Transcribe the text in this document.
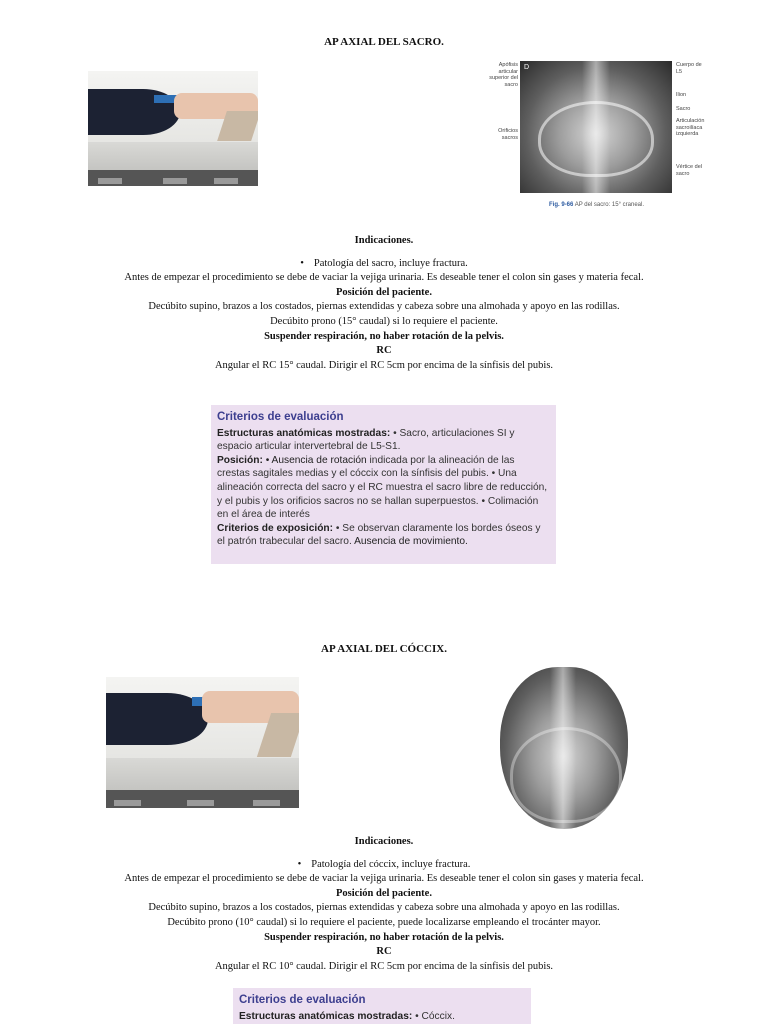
AP AXIAL DEL SACRO.
Apófisis articular superior del sacro
D
Orificios sacros
Cuerpo de L5
Ilion
Sacro
Articulación sacroilíaca izquierda
Vértice del sacro
Fig. 9-66 AP del sacro: 15° craneal.
Indicaciones.
• Patología del sacro, incluye fractura.
Antes de empezar el procedimiento se debe de vaciar la vejiga urinaria. Es deseable tener el colon sin gases y materia fecal.
Posición del paciente.
Decúbito supino, brazos a los costados, piernas extendidas y cabeza sobre una almohada y apoyo en las rodillas.
Decúbito prono (15° caudal) si lo requiere el paciente.
Suspender respiración, no haber rotación de la pelvis.
RC
Angular el RC 15° caudal. Dirigir el RC 5cm por encima de la sínfisis del pubis.
Criterios de evaluación
Estructuras anatómicas mostradas: • Sacro, articulaciones SI y espacio articular intervertebral de L5-S1.
Posición: • Ausencia de rotación indicada por la alineación de las crestas sagitales medias y el cóccix con la sínfisis del pubis. • Una alineación correcta del sacro y el RC muestra el sacro libre de reducción, y el pubis y los orificios sacros no se hallan superpuestos. • Colimación en el área de interés
Criterios de exposición: • Se observan claramente los bordes óseos y el patrón trabecular del sacro. Ausencia de movimiento.
AP AXIAL DEL CÓCCIX.
Indicaciones.
• Patología del cóccix, incluye fractura.
Antes de empezar el procedimiento se debe de vaciar la vejiga urinaria. Es deseable tener el colon sin gases y materia fecal.
Posición del paciente.
Decúbito supino, brazos a los costados, piernas extendidas y cabeza sobre una almohada y apoyo en las rodillas.
Decúbito prono (10° caudal) si lo requiere el paciente, puede localizarse empleando el trocánter mayor.
Suspender respiración, no haber rotación de la pelvis.
RC
Angular el RC 10° caudal. Dirigir el RC 5cm por encima de la sínfisis del pubis.
Criterios de evaluación
Estructuras anatómicas mostradas: • Cóccix.
